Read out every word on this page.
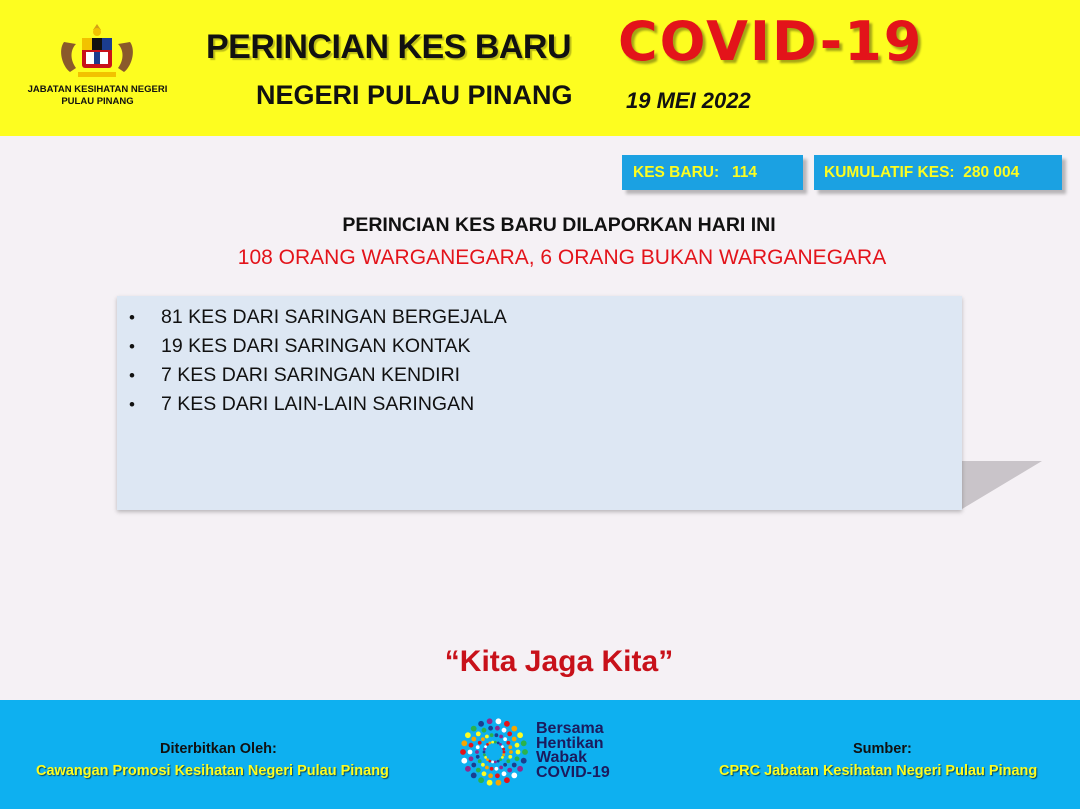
JABATAN KESIHATAN NEGERI
PULAU PINANG
PERINCIAN KES BARU COVID-19
NEGERI PULAU PINANG 19 MEI 2022
KES BARU: 114	KUMULATIF KES: 280 004
PERINCIAN KES BARU DILAPORKAN HARI INI
108 ORANG WARGANEGARA, 6 ORANG BUKAN WARGANEGARA
• 81 KES DARI SARINGAN BERGEJALA
• 19 KES DARI SARINGAN KONTAK
• 7 KES DARI SARINGAN KENDIRI
• 7 KES DARI LAIN-LAIN SARINGAN
“Kita Jaga Kita”
Diterbitkan Oleh:
Cawangan Promosi Kesihatan Negeri Pulau Pinang
Sumber:
CPRC Jabatan Kesihatan Negeri Pulau Pinang
Bersama
Hentikan
Wabak
COVID-19
